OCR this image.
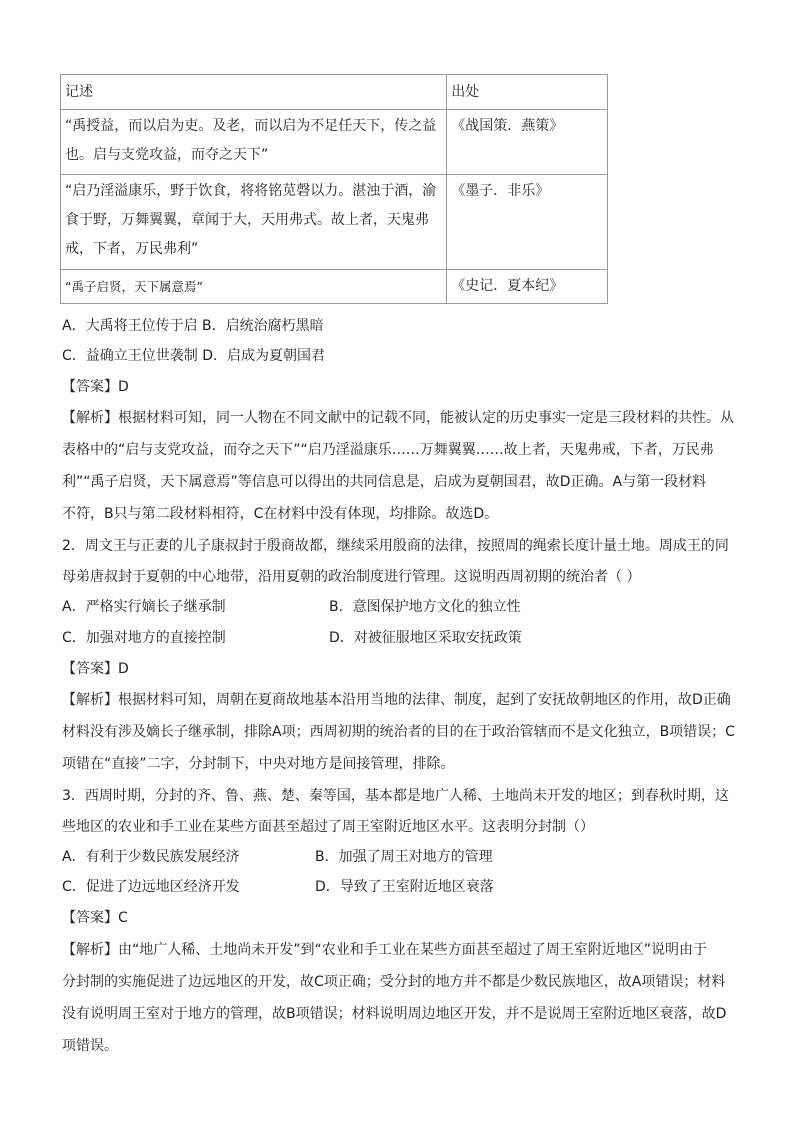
记述	出处
“禹授益，而以启为吏。及老，而以启为不足任天下，传之益也。启与支党攻益，而夺之天下”	《战国策．燕策》
“启乃淫溢康乐，野于饮食，将将铭苋磬以力。湛浊于酒，渝食于野，万舞翼翼，章闻于大，天用弗式。故上者，天鬼弗戒，下者，万民弗利”	《墨子．非乐》
“禹子启贤，天下属意焉”	《史记．夏本纪》
A．大禹将王位传于启 B．启统治腐朽黑暗
C．益确立王位世袭制 D．启成为夏朝国君
【答案】D
【解析】根据材料可知，同一人物在不同文献中的记载不同，能被认定的历史事实一定是三段材料的共性。从
表格中的“启与支党攻益，而夺之天下”“启乃淫溢康乐……万舞翼翼……故上者，天鬼弗戒，下者，万民弗
利”“禹子启贤，天下属意焉”等信息可以得出的共同信息是，启成为夏朝国君，故D正确。A与第一段材料
不符，B只与第二段材料相符，C在材料中没有体现，均排除。故选D。
2．周文王与正妻的儿子康叔封于殷商故都，继续采用殷商的法律，按照周的绳索长度计量土地。周成王的同
母弟唐叔封于夏朝的中心地带，沿用夏朝的政治制度进行管理。这说明西周初期的统治者（ ）
A．严格实行嫡长子继承制	B．意图保护地方文化的独立性
C．加强对地方的直接控制	D．对被征服地区采取安抚政策
【答案】D
【解析】根据材料可知，周朝在夏商故地基本沿用当地的法律、制度，起到了安抚故朝地区的作用，故D正确
材料没有涉及嫡长子继承制，排除A项；西周初期的统治者的目的在于政治管辖而不是文化独立，B项错误；C
项错在“直接”二字，分封制下，中央对地方是间接管理，排除。
3．西周时期，分封的齐、鲁、燕、楚、秦等国，基本都是地广人稀、土地尚未开发的地区；到春秋时期，这
些地区的农业和手工业在某些方面甚至超过了周王室附近地区水平。这表明分封制（）
A．有利于少数民族发展经济	B．加强了周王对地方的管理
C．促进了边远地区经济开发	D．导致了王室附近地区衰落
【答案】C
【解析】由“地广人稀、土地尚未开发”到“农业和手工业在某些方面甚至超过了周王室附近地区”说明由于
分封制的实施促进了边远地区的开发，故C项正确；受分封的地方并不都是少数民族地区，故A项错误；材料
没有说明周王室对于地方的管理，故B项错误；材料说明周边地区开发，并不是说周王室附近地区衰落，故D
项错误。
